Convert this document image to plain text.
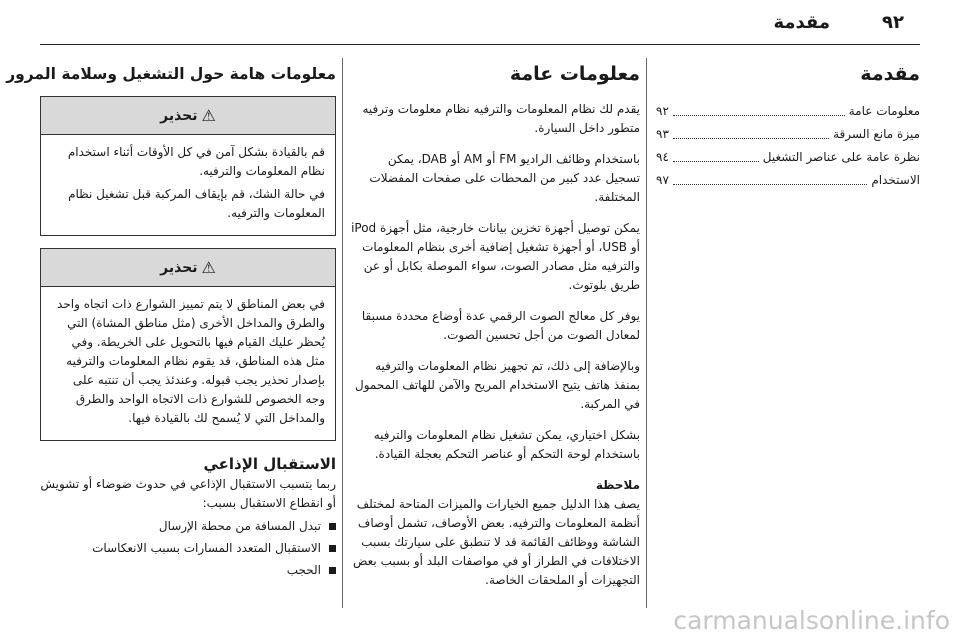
٩٢
مقدمة
مقدمة
معلومات عامة
٩٢
ميزة مانع السرقة
٩٣
نظرة عامة على عناصر التشغيل
٩٤
الاستخدام
٩٧
معلومات عامة

يقدم لك نظام المعلومات والترفيه نظام معلومات وترفيه متطور داخل السيارة.

باستخدام وظائف الراديو FM أو AM أو DAB، يمكن تسجيل عدد كبير من المحطات على صفحات المفضلات المختلفة.

يمكن توصيل أجهزة تخزين بيانات خارجية، مثل أجهزة iPod أو USB، أو أجهزة تشغيل إضافية أخرى بنظام المعلومات والترفيه مثل مصادر الصوت، سواء الموصلة بكابل أو عن طريق بلوتوث.

يوفر كل معالج الصوت الرقمي عدة أوضاع محددة مسبقا لمعادل الصوت من أجل تحسين الصوت.

وبالإضافة إلى ذلك، تم تجهيز نظام المعلومات والترفيه بمنفذ هاتف يتيح الاستخدام المريح والآمن للهاتف المحمول في المركبة.

بشكل اختياري، يمكن تشغيل نظام المعلومات والترفيه باستخدام لوحة التحكم أو عناصر التحكم بعجلة القيادة.

ملاحظة

يصف هذا الدليل جميع الخيارات والميزات المتاحة لمختلف أنظمة المعلومات والترفيه. بعض الأوصاف، تشمل أوصاف الشاشة ووظائف القائمة قد لا تنطبق على سيارتك بسبب الاختلافات في الطراز أو في مواصفات البلد أو بسبب بعض التجهيزات أو الملحقات الخاصة.

معلومات هامة حول التشغيل وسلامة المرور
⚠
تحذير

قم بالقيادة بشكل آمن في كل الأوقات أثناء استخدام نظام المعلومات والترفيه.

في حالة الشك، قم بإيقاف المركبة قبل تشغيل نظام المعلومات والترفيه.

⚠
تحذير

في بعض المناطق لا يتم تمييز الشوارع ذات اتجاه واحد والطرق والمداخل الأخرى (مثل مناطق المشاة) التي يُحظر عليك القيام فيها بالتحويل على الخريطة. وفي مثل هذه المناطق، قد يقوم نظام المعلومات والترفيه بإصدار تحذير يجب قبوله. وعندئذ يجب أن تنتبه على وجه الخصوص للشوارع ذات الاتجاه الواحد والطرق والمداخل التي لا يُسمح لك بالقيادة فيها.

الاستقبال الإذاعي

ربما يتسبب الاستقبال الإذاعي في حدوث ضوضاء أو تشويش أو انقطاع الاستقبال بسبب:

تبدل المسافة من محطة الإرسال
الاستقبال المتعدد المسارات بسبب الانعكاسات
الحجب
carmanualsonline.info
